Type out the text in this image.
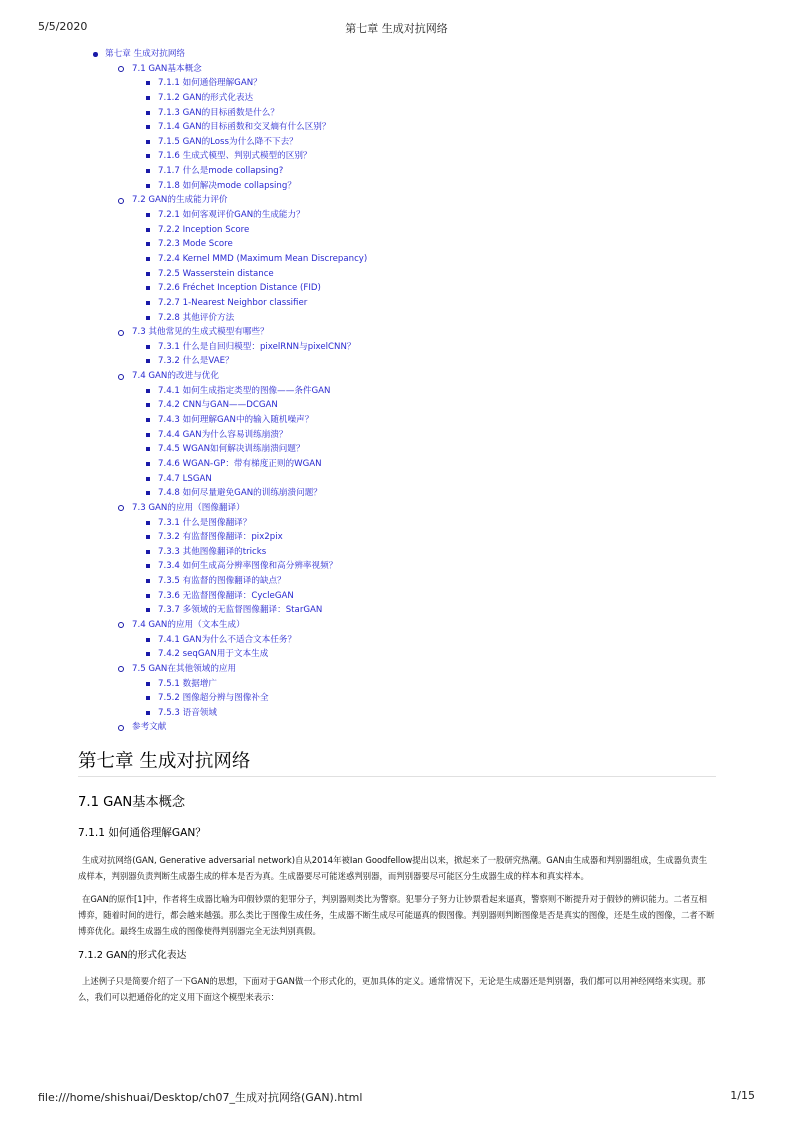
5/5/2020	第七章 生成对抗网络
第七章 生成对抗网络
7.1 GAN基本概念
7.1.1 如何通俗理解GAN？
7.1.2 GAN的形式化表达
7.1.3 GAN的目标函数是什么？
7.1.4 GAN的目标函数和交叉熵有什么区别？
7.1.5 GAN的Loss为什么降不下去？
7.1.6 生成式模型、判别式模型的区别？
7.1.7 什么是mode collapsing?
7.1.8 如何解决mode collapsing？
7.2 GAN的生成能力评价
7.2.1 如何客观评价GAN的生成能力？
7.2.2 Inception Score
7.2.3 Mode Score
7.2.4 Kernel MMD (Maximum Mean Discrepancy)
7.2.5 Wasserstein distance
7.2.6 Fréchet Inception Distance (FID)
7.2.7 1-Nearest Neighbor classifier
7.2.8 其他评价方法
7.3 其他常见的生成式模型有哪些？
7.3.1 什么是自回归模型：pixelRNN与pixelCNN？
7.3.2 什么是VAE？
7.4 GAN的改进与优化
7.4.1 如何生成指定类型的图像——条件GAN
7.4.2 CNN与GAN——DCGAN
7.4.3 如何理解GAN中的输入随机噪声？
7.4.4 GAN为什么容易训练崩溃？
7.4.5 WGAN如何解决训练崩溃问题？
7.4.6 WGAN-GP：带有梯度正则的WGAN
7.4.7 LSGAN
7.4.8 如何尽量避免GAN的训练崩溃问题？
7.3 GAN的应用（图像翻译）
7.3.1 什么是图像翻译？
7.3.2 有监督图像翻译：pix2pix
7.3.3 其他图像翻译的tricks
7.3.4 如何生成高分辨率图像和高分辨率视频？
7.3.5 有监督的图像翻译的缺点？
7.3.6 无监督图像翻译：CycleGAN
7.3.7 多领域的无监督图像翻译：StarGAN
7.4 GAN的应用（文本生成）
7.4.1 GAN为什么不适合文本任务？
7.4.2 seqGAN用于文本生成
7.5 GAN在其他领域的应用
7.5.1 数据增广
7.5.2 图像超分辨与图像补全
7.5.3 语音领域
参考文献
第七章 生成对抗网络
7.1 GAN基本概念
7.1.1 如何通俗理解GAN？

生成对抗网络(GAN, Generative adversarial network)自从2014年被Ian Goodfellow提出以来，掀起来了一股研究热潮。GAN由生成器和判别器组成，生成器负责生成样本，判别器负责判断生成器生成的样本是否为真。生成器要尽可能迷惑判别器，而判别器要尽可能区分生成器生成的样本和真实样本。

在GAN的原作[1]中，作者将生成器比喻为印假钞票的犯罪分子，判别器则类比为警察。犯罪分子努力让钞票看起来逼真，警察则不断提升对于假钞的辨识能力。二者互相博弈，随着时间的进行，都会越来越强。那么类比于图像生成任务，生成器不断生成尽可能逼真的假图像。判别器则判断图像是否是真实的图像，还是生成的图像，二者不断博弈优化。最终生成器生成的图像使得判别器完全无法判别真假。

7.1.2 GAN的形式化表达

上述例子只是简要介绍了一下GAN的思想，下面对于GAN做一个形式化的，更加具体的定义。通常情况下，无论是生成器还是判别器，我们都可以用神经网络来实现。那么，我们可以把通俗化的定义用下面这个模型来表示：

file:///home/shishuai/Desktop/ch07_生成对抗网络(GAN).html	1/15
